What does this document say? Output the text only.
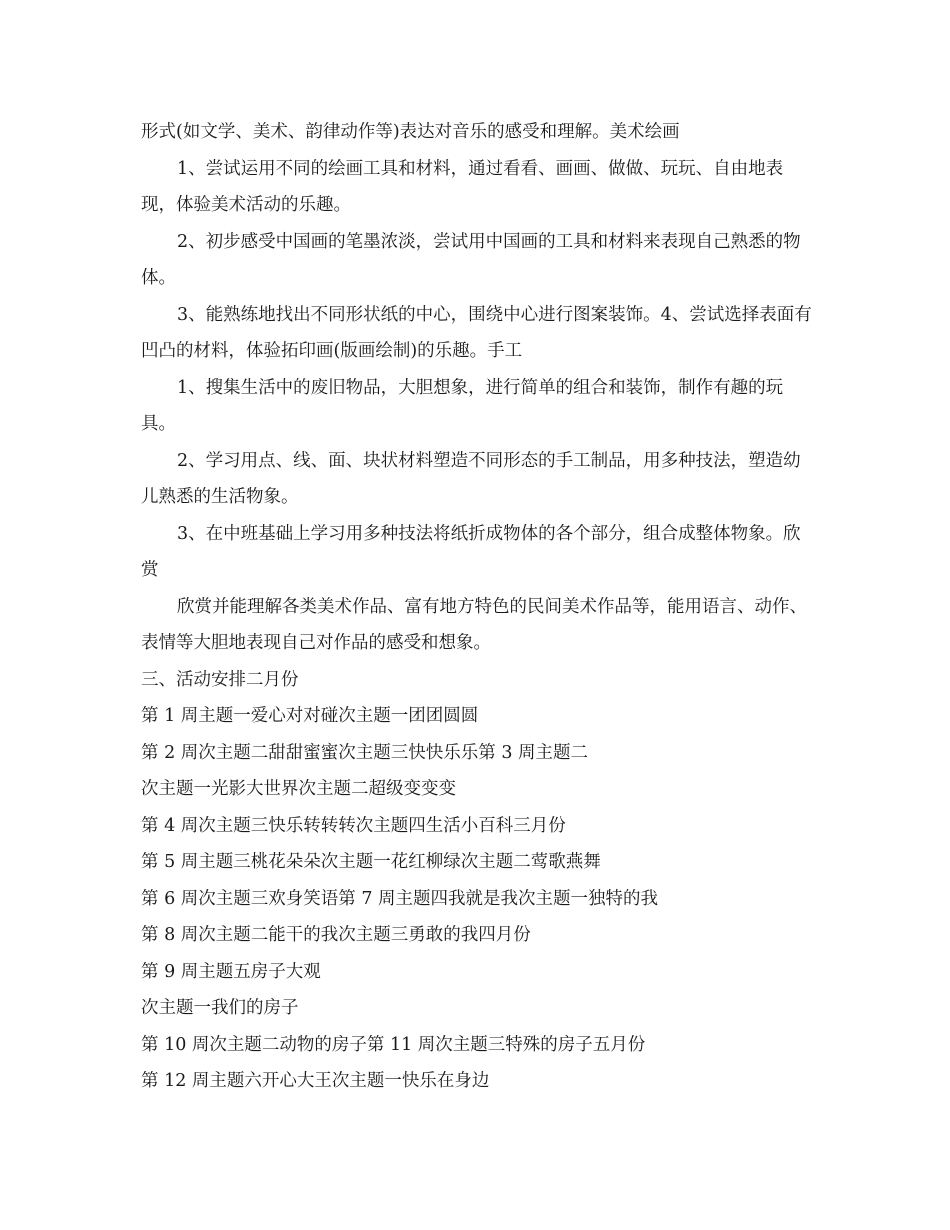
形式(如文学、美术、韵律动作等)表达对音乐的感受和理解。美术绘画

1、尝试运用不同的绘画工具和材料，通过看看、画画、做做、玩玩、自由地表现，体验美术活动的乐趣。

2、初步感受中国画的笔墨浓淡，尝试用中国画的工具和材料来表现自己熟悉的物体。

3、能熟练地找出不同形状纸的中心，围绕中心进行图案装饰。4、尝试选择表面有凹凸的材料，体验拓印画(版画绘制)的乐趣。手工

1、搜集生活中的废旧物品，大胆想象，进行简单的组合和装饰，制作有趣的玩具。

2、学习用点、线、面、块状材料塑造不同形态的手工制品，用多种技法，塑造幼儿熟悉的生活物象。

3、在中班基础上学习用多种技法将纸折成物体的各个部分，组合成整体物象。欣赏

欣赏并能理解各类美术作品、富有地方特色的民间美术作品等，能用语言、动作、表情等大胆地表现自己对作品的感受和想象。

三、活动安排二月份

第 1 周主题一爱心对对碰次主题一团团圆圆

第 2 周次主题二甜甜蜜蜜次主题三快快乐乐第 3 周主题二

次主题一光影大世界次主题二超级变变变

第 4 周次主题三快乐转转转次主题四生活小百科三月份

第 5 周主题三桃花朵朵次主题一花红柳绿次主题二莺歌燕舞

第 6 周次主题三欢身笑语第 7 周主题四我就是我次主题一独特的我

第 8 周次主题二能干的我次主题三勇敢的我四月份

第 9 周主题五房子大观

次主题一我们的房子

第 10 周次主题二动物的房子第 11 周次主题三特殊的房子五月份

第 12 周主题六开心大王次主题一快乐在身边
